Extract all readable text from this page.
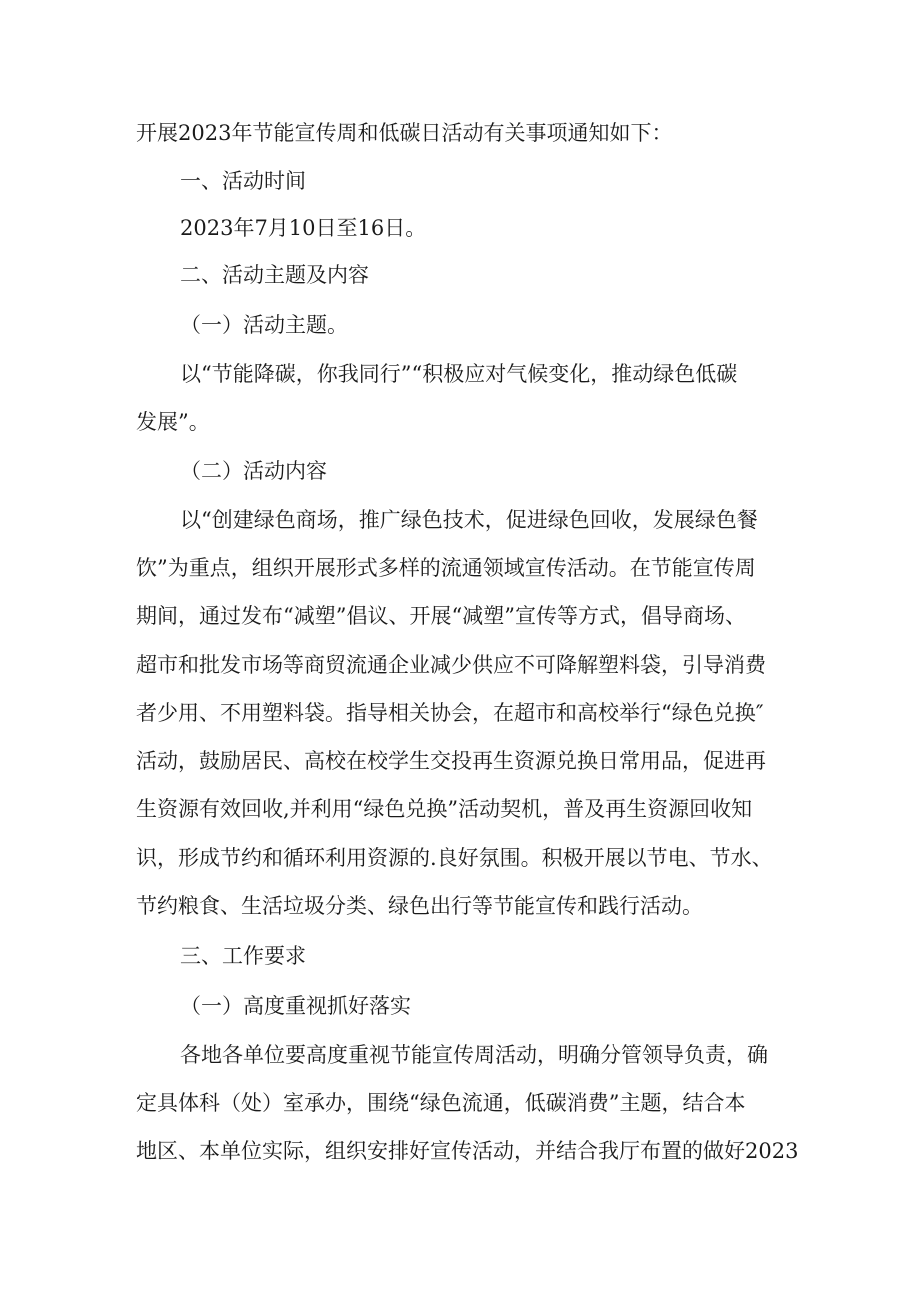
开展2023年节能宣传周和低碳日活动有关事项通知如下：
一、活动时间
2023年7月10日至16日。
二、活动主题及内容
（一）活动主题。
以“节能降碳，你我同行”“积极应对气候变化，推动绿色低碳
发展”。
（二）活动内容
以“创建绿色商场，推广绿色技术，促进绿色回收，发展绿色餐
饮”为重点，组织开展形式多样的流通领域宣传活动。在节能宣传周
期间，通过发布“减塑”倡议、开展“减塑”宣传等方式，倡导商场、
超市和批发市场等商贸流通企业减少供应不可降解塑料袋，引导消费
者少用、不用塑料袋。指导相关协会，在超市和高校举行“绿色兑换″
活动，鼓励居民、高校在校学生交投再生资源兑换日常用品，促进再
生资源有效回收,并利用“绿色兑换”活动契机，普及再生资源回收知
识，形成节约和循环利用资源的.良好氛围。积极开展以节电、节水、
节约粮食、生活垃圾分类、绿色出行等节能宣传和践行活动。
三、工作要求
（一）高度重视抓好落实
各地各单位要高度重视节能宣传周活动，明确分管领导负责，确
定具体科（处）室承办，围绕“绿色流通，低碳消费”主题，结合本
地区、本单位实际，组织安排好宣传活动，并结合我厅布置的做好2023
